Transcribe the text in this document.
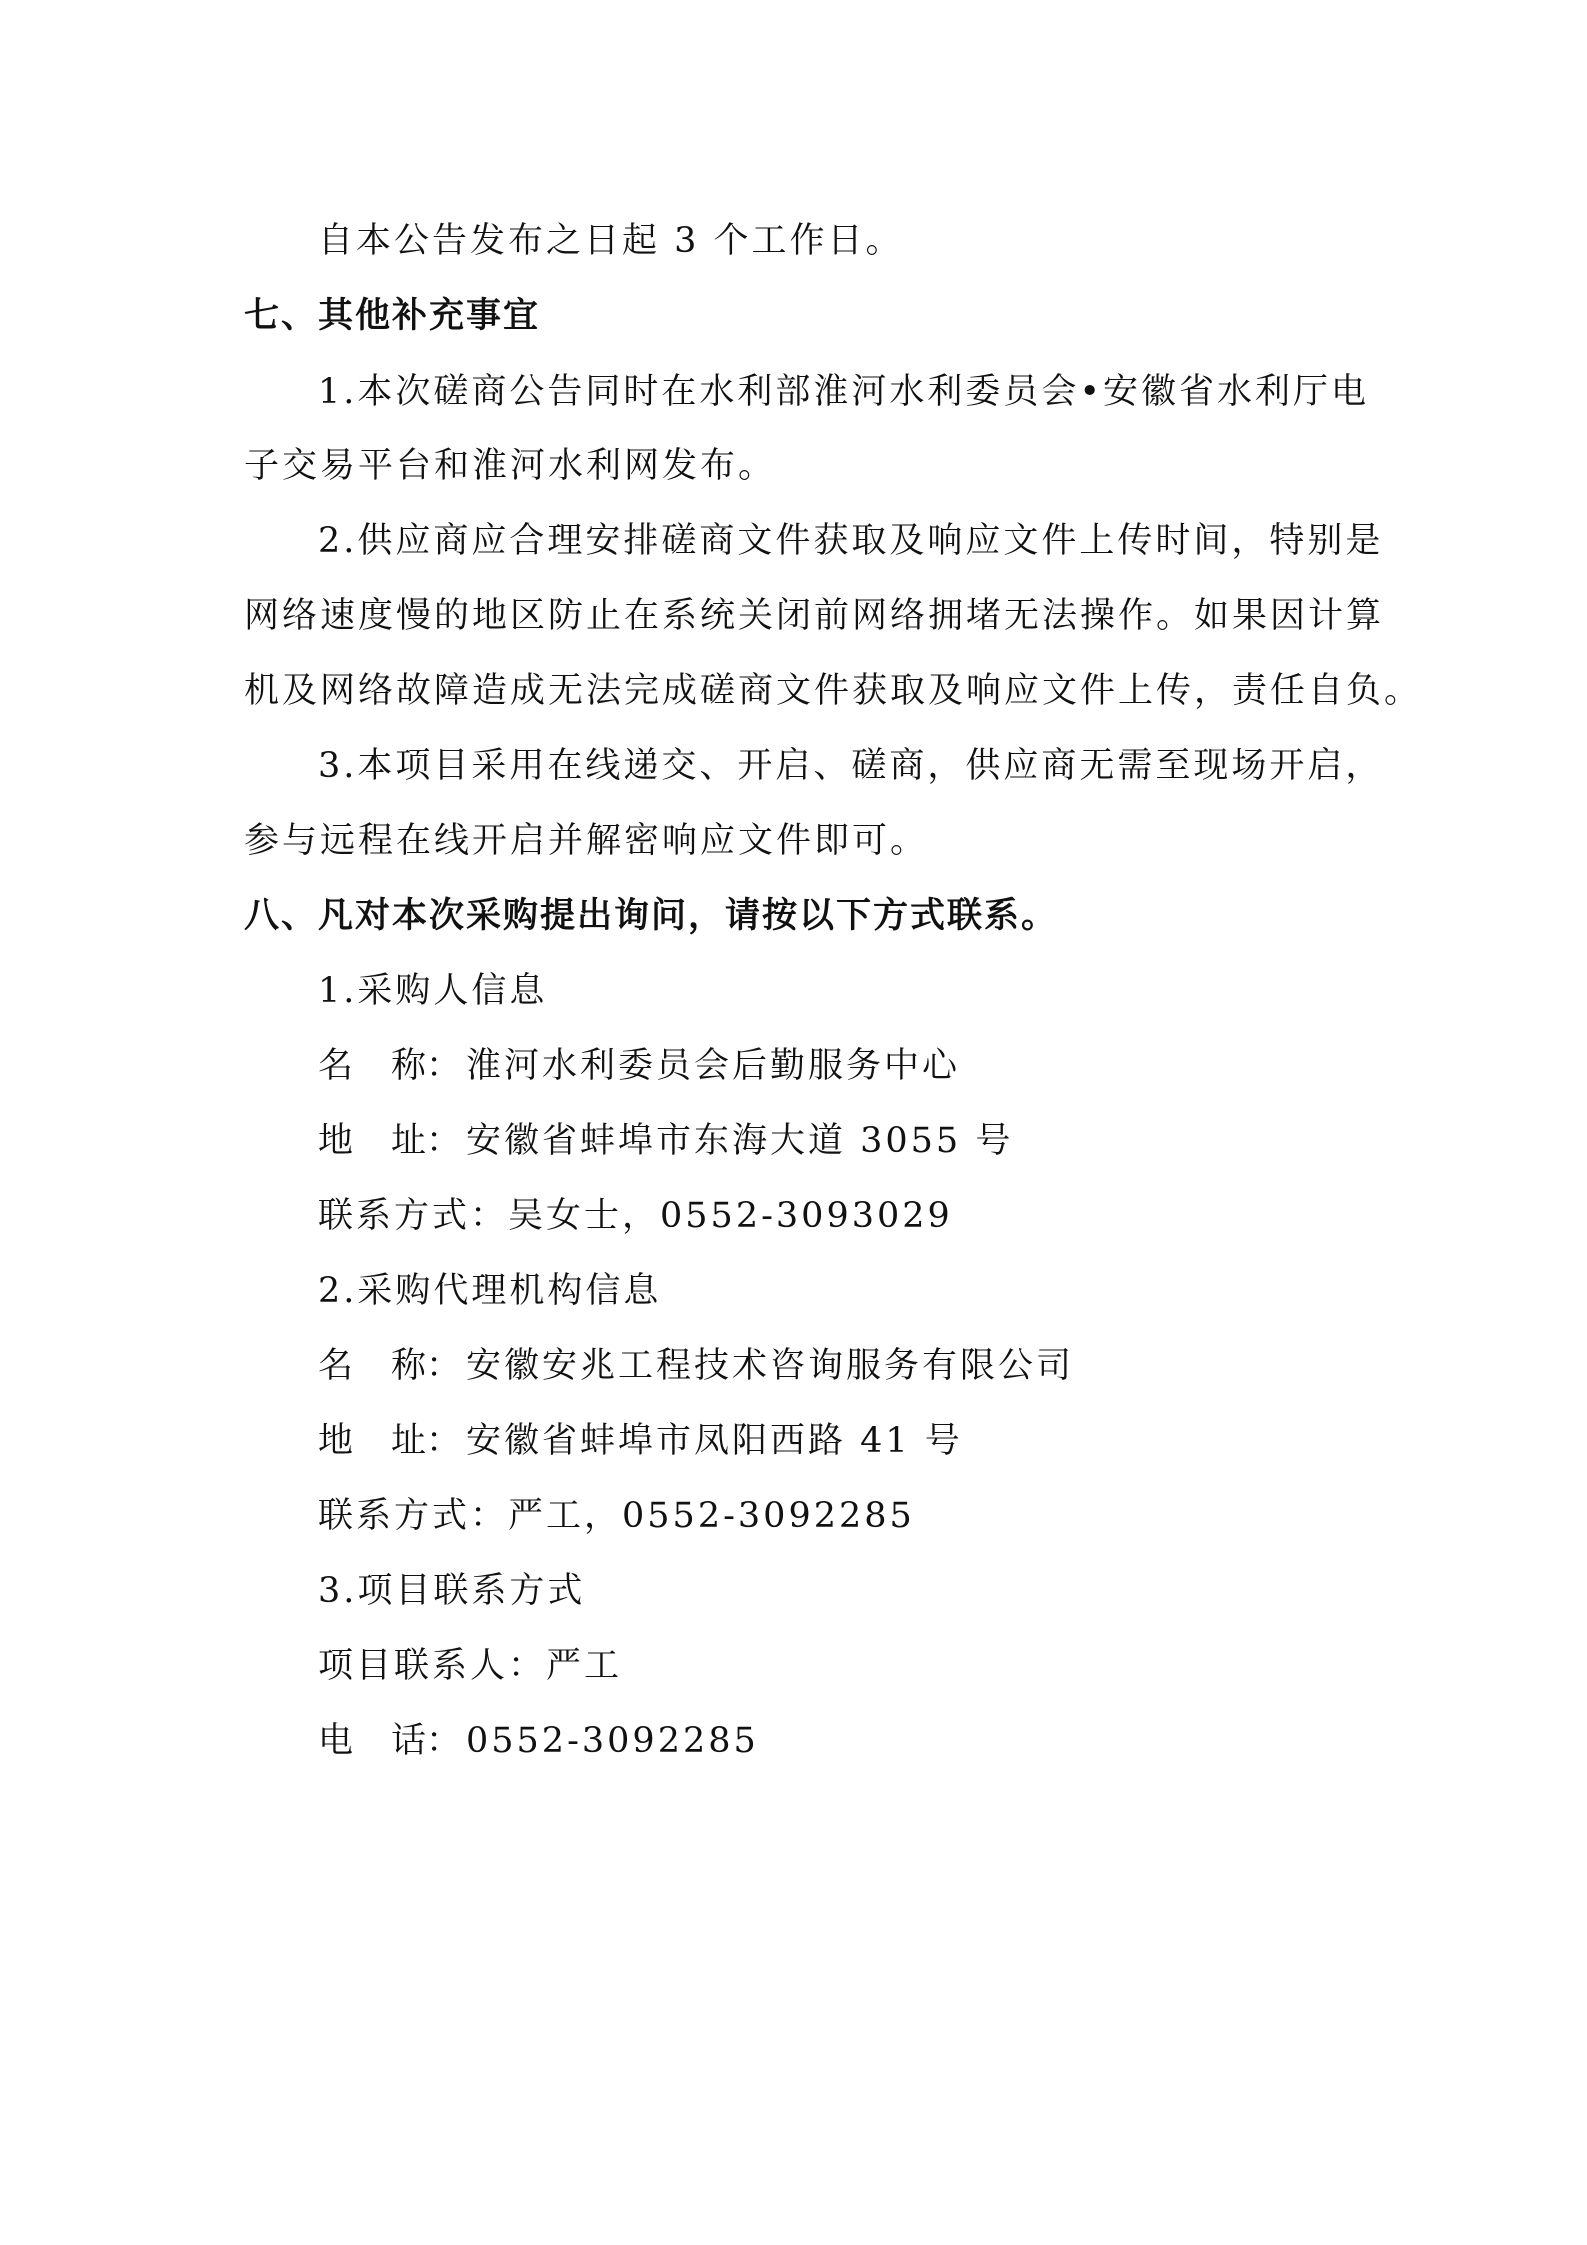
自本公告发布之日起 3 个工作日。
七、其他补充事宜
1.本次磋商公告同时在水利部淮河水利委员会•安徽省水利厅电
子交易平台和淮河水利网发布。
2.供应商应合理安排磋商文件获取及响应文件上传时间，特别是
网络速度慢的地区防止在系统关闭前网络拥堵无法操作。如果因计算
机及网络故障造成无法完成磋商文件获取及响应文件上传，责任自负。
3.本项目采用在线递交、开启、磋商，供应商无需至现场开启，
参与远程在线开启并解密响应文件即可。
八、凡对本次采购提出询问，请按以下方式联系。
1.采购人信息
名 称： 淮河水利委员会后勤服务中心
地 址： 安徽省蚌埠市东海大道 3055 号
联系方式：吴女士，0552-3093029
2.采购代理机构信息
名 称： 安徽安兆工程技术咨询服务有限公司
地 址： 安徽省蚌埠市凤阳西路 41 号
联系方式：严工，0552-3092285
3.项目联系方式
项目联系人：严工
电 话： 0552-3092285
